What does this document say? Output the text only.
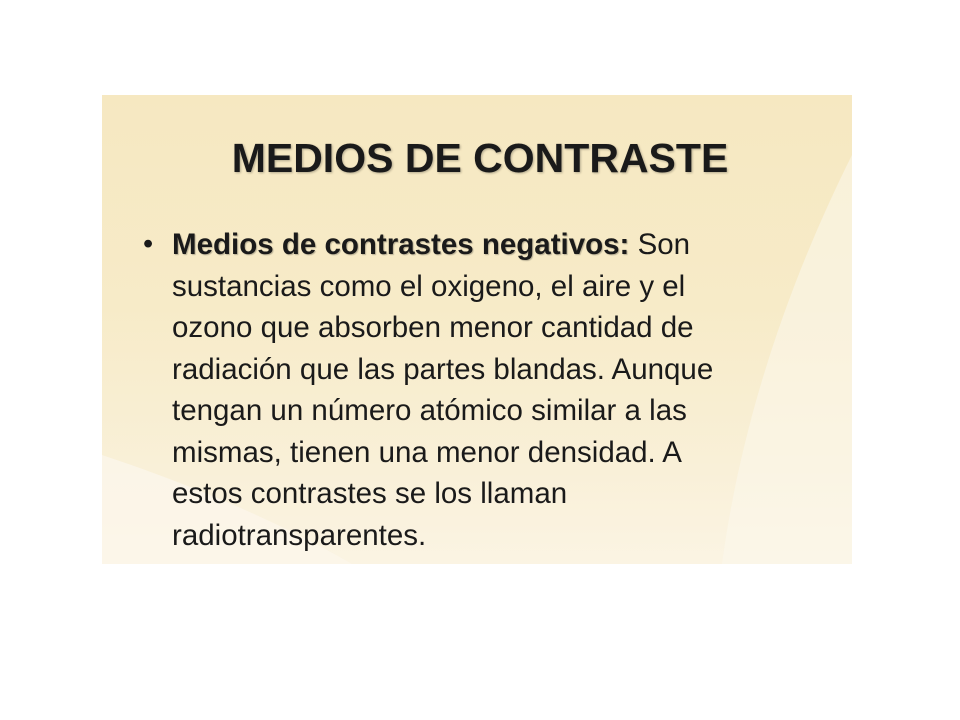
MEDIOS DE CONTRASTE
• Medios de contrastes negativos: Son
sustancias como el oxigeno, el aire y el
ozono que absorben menor cantidad de
radiación que las partes blandas. Aunque
tengan un número atómico similar a las
mismas, tienen una menor densidad. A
estos contrastes se los llaman
radiotransparentes.
